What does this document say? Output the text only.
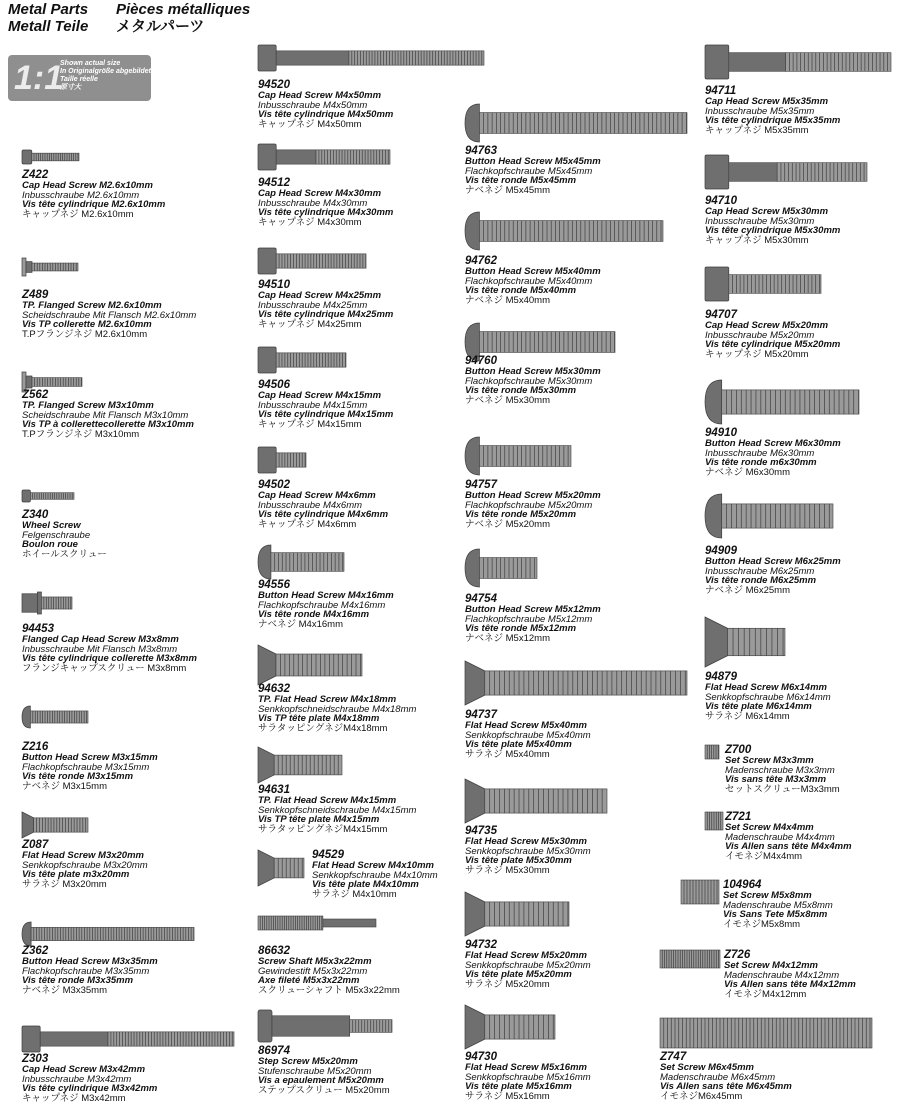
Metal Parts Pièces métalliques
Metall Teile メタルパーツ
1:1
Shown actual size
In Originalgröße abgebildet
Taille réelle
原寸大
Z422
Cap Head Screw M2.6x10mm
Inbusschraube M2.6x10mm
Vis tête cylindrique M2.6x10mm
キャップネジ M2.6x10mm
Z489
TP. Flanged Screw M2.6x10mm
Scheidschraube Mit Flansch M2.6x10mm
Vis TP collerette M2.6x10mm
T.Pフランジネジ M2.6x10mm
Z562
TP. Flanged Screw M3x10mm
Scheidschraube Mit Flansch M3x10mm
Vis TP à collerettecollerette M3x10mm
T.Pフランジネジ M3x10mm
Z340
Wheel Screw
Felgenschraube
Boulon roue
ホイールスクリュー
94453
Flanged Cap Head Screw M3x8mm
Inbusschraube Mit Flansch M3x8mm
Vis tête cylindrique collerette M3x8mm
フランジキャップスクリュー M3x8mm
Z216
Button Head Screw M3x15mm
Flachkopfschraube M3x15mm
Vis tête ronde M3x15mm
ナベネジ M3x15mm
Z087
Flat Head Screw M3x20mm
Senkkopfschraube M3x20mm
Vis tête plate m3x20mm
サラネジ M3x20mm
Z362
Button Head Screw M3x35mm
Flachkopfschraube M3x35mm
Vis tête ronde M3x35mm
ナベネジ M3x35mm
Z303
Cap Head Screw M3x42mm
Inbusschraube M3x42mm
Vis tête cylindrique M3x42mm
キャップネジ M3x42mm
94520
Cap Head Screw M4x50mm
Inbusschraube M4x50mm
Vis tête cylindrique M4x50mm
キャップネジ M4x50mm
94512
Cap Head Screw M4x30mm
Inbusschraube M4x30mm
Vis tête cylindrique M4x30mm
キャップネジ M4x30mm
94510
Cap Head Screw M4x25mm
Inbusschraube M4x25mm
Vis tête cylindrique M4x25mm
キャップネジ M4x25mm
94506
Cap Head Screw M4x15mm
Inbusschraube M4x15mm
Vis tête cylindrique M4x15mm
キャップネジ M4x15mm
94502
Cap Head Screw M4x6mm
Inbusschraube M4x6mm
Vis tête cylindrique M4x6mm
キャップネジ M4x6mm
94556
Button Head Screw M4x16mm
Flachkopfschraube M4x16mm
Vis tête ronde M4x16mm
ナベネジ M4x16mm
94632
TP. Flat Head Screw M4x18mm
Senkkopfschneidschraube M4x18mm
Vis TP tête plate M4x18mm
サラタッピングネジM4x18mm
94631
TP. Flat Head Screw M4x15mm
Senkkopfschneidschraube M4x15mm
Vis TP tête plate M4x15mm
サラタッピングネジM4x15mm
94529
Flat Head Screw M4x10mm
Senkkopfschraube M4x10mm
Vis tête plate M4x10mm
サラネジ M4x10mm
86632
Screw Shaft M5x3x22mm
Gewindestift M5x3x22mm
Axe fileté M5x3x22mm
スクリューシャフト M5x3x22mm
86974
Step Screw M5x20mm
Stufenschraube M5x20mm
Vis a epaulement M5x20mm
ステップスクリュー M5x20mm
94763
Button Head Screw M5x45mm
Flachkopfschraube M5x45mm
Vis tête ronde M5x45mm
ナベネジ M5x45mm
94762
Button Head Screw M5x40mm
Flachkopfschraube M5x40mm
Vis tête ronde M5x40mm
ナベネジ M5x40mm
94760
Button Head Screw M5x30mm
Flachkopfschraube M5x30mm
Vis tête ronde M5x30mm
ナベネジ M5x30mm
94757
Button Head Screw M5x20mm
Flachkopfschraube M5x20mm
Vis tête ronde M5x20mm
ナベネジ M5x20mm
94754
Button Head Screw M5x12mm
Flachkopfschraube M5x12mm
Vis tête ronde M5x12mm
ナベネジ M5x12mm
94737
Flat Head Screw M5x40mm
Senkkopfschraube M5x40mm
Vis tête plate M5x40mm
サラネジ M5x40mm
94735
Flat Head Screw M5x30mm
Senkkopfschraube M5x30mm
Vis tête plate M5x30mm
サラネジ M5x30mm
94732
Flat Head Screw M5x20mm
Senkkopfschraube M5x20mm
Vis tête plate M5x20mm
サラネジ M5x20mm
94730
Flat Head Screw M5x16mm
Senkkopfschraube M5x16mm
Vis tête plate M5x16mm
サラネジ M5x16mm
94711
Cap Head Screw M5x35mm
Inbusschraube M5x35mm
Vis tête cylindrique M5x35mm
キャップネジ M5x35mm
94710
Cap Head Screw M5x30mm
Inbusschraube M5x30mm
Vis tête cylindrique M5x30mm
キャップネジ M5x30mm
94707
Cap Head Screw M5x20mm
Inbusschraube M5x20mm
Vis tête cylindrique M5x20mm
キャップネジ M5x20mm
94910
Button Head Screw M6x30mm
Inbusschraube M6x30mm
Vis tête ronde m6x30mm
ナベネジ M6x30mm
94909
Button Head Screw M6x25mm
Inbusschraube M6x25mm
Vis tête ronde M6x25mm
ナベネジ M6x25mm
94879
Flat Head Screw M6x14mm
Senkkopfschraube M6x14mm
Vis tête plate M6x14mm
サラネジ M6x14mm
Z700
Set Screw M3x3mm
Madenschraube M3x3mm
Vis sans tête M3x3mm
セットスクリューM3x3mm
Z721
Set Screw M4x4mm
Madenschraube M4x4mm
Vis Allen sans tête M4x4mm
イモネジM4x4mm
104964
Set Screw M5x8mm
Madenschraube M5x8mm
Vis Sans Tete M5x8mm
イモネジM5x8mm
Z726
Set Screw M4x12mm
Madenschraube M4x12mm
Vis Allen sans tête M4x12mm
イモネジM4x12mm
Z747
Set Screw M6x45mm
Madenschraube M6x45mm
Vis Allen sans tête M6x45mm
イモネジM6x45mm
